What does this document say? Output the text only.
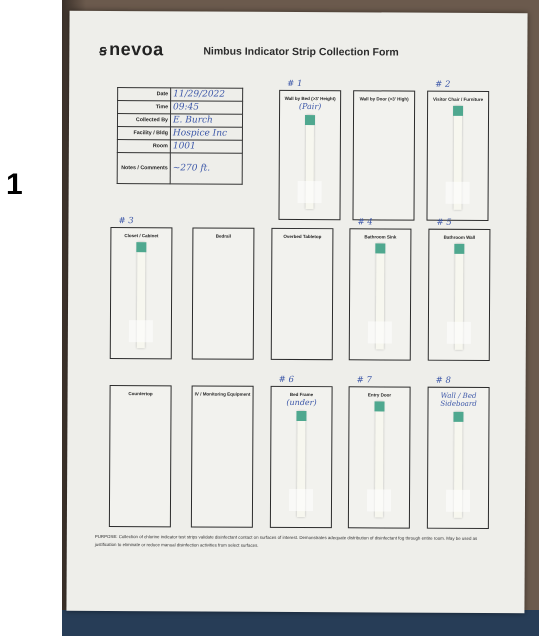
1
ꞩ nevoa	Nimbus Indicator Strip Collection Form
Date	11/29/2022
Time	09:45
Collected By	E. Burch
Facility / Bldg	Hospice Inc
Room	1001
Notes / Comments	~270 ft.
Wall by Bed (>3' Height)
(Pair)
# 1
Wall by Door (>3' High)	Visitor Chair / Furniture
# 2
Closet / Cabinet
# 3
Bedrail	Overbed Tabletop	Bathroom Sink
# 4
Bathroom Wall
# 5
Countertop	IV / Monitoring Equipment	Bed Frame
(under)
# 6
Entry Door
# 7
Wall / Bed Sideboard
# 8
PURPOSE: Collection of chlorine indicator test strips validate disinfectant contact on surfaces of interest. Demonstrates adequate distribution of disinfectant fog through entire room. May be used as justification to eliminate or reduce manual disinfection activities from select surfaces.
